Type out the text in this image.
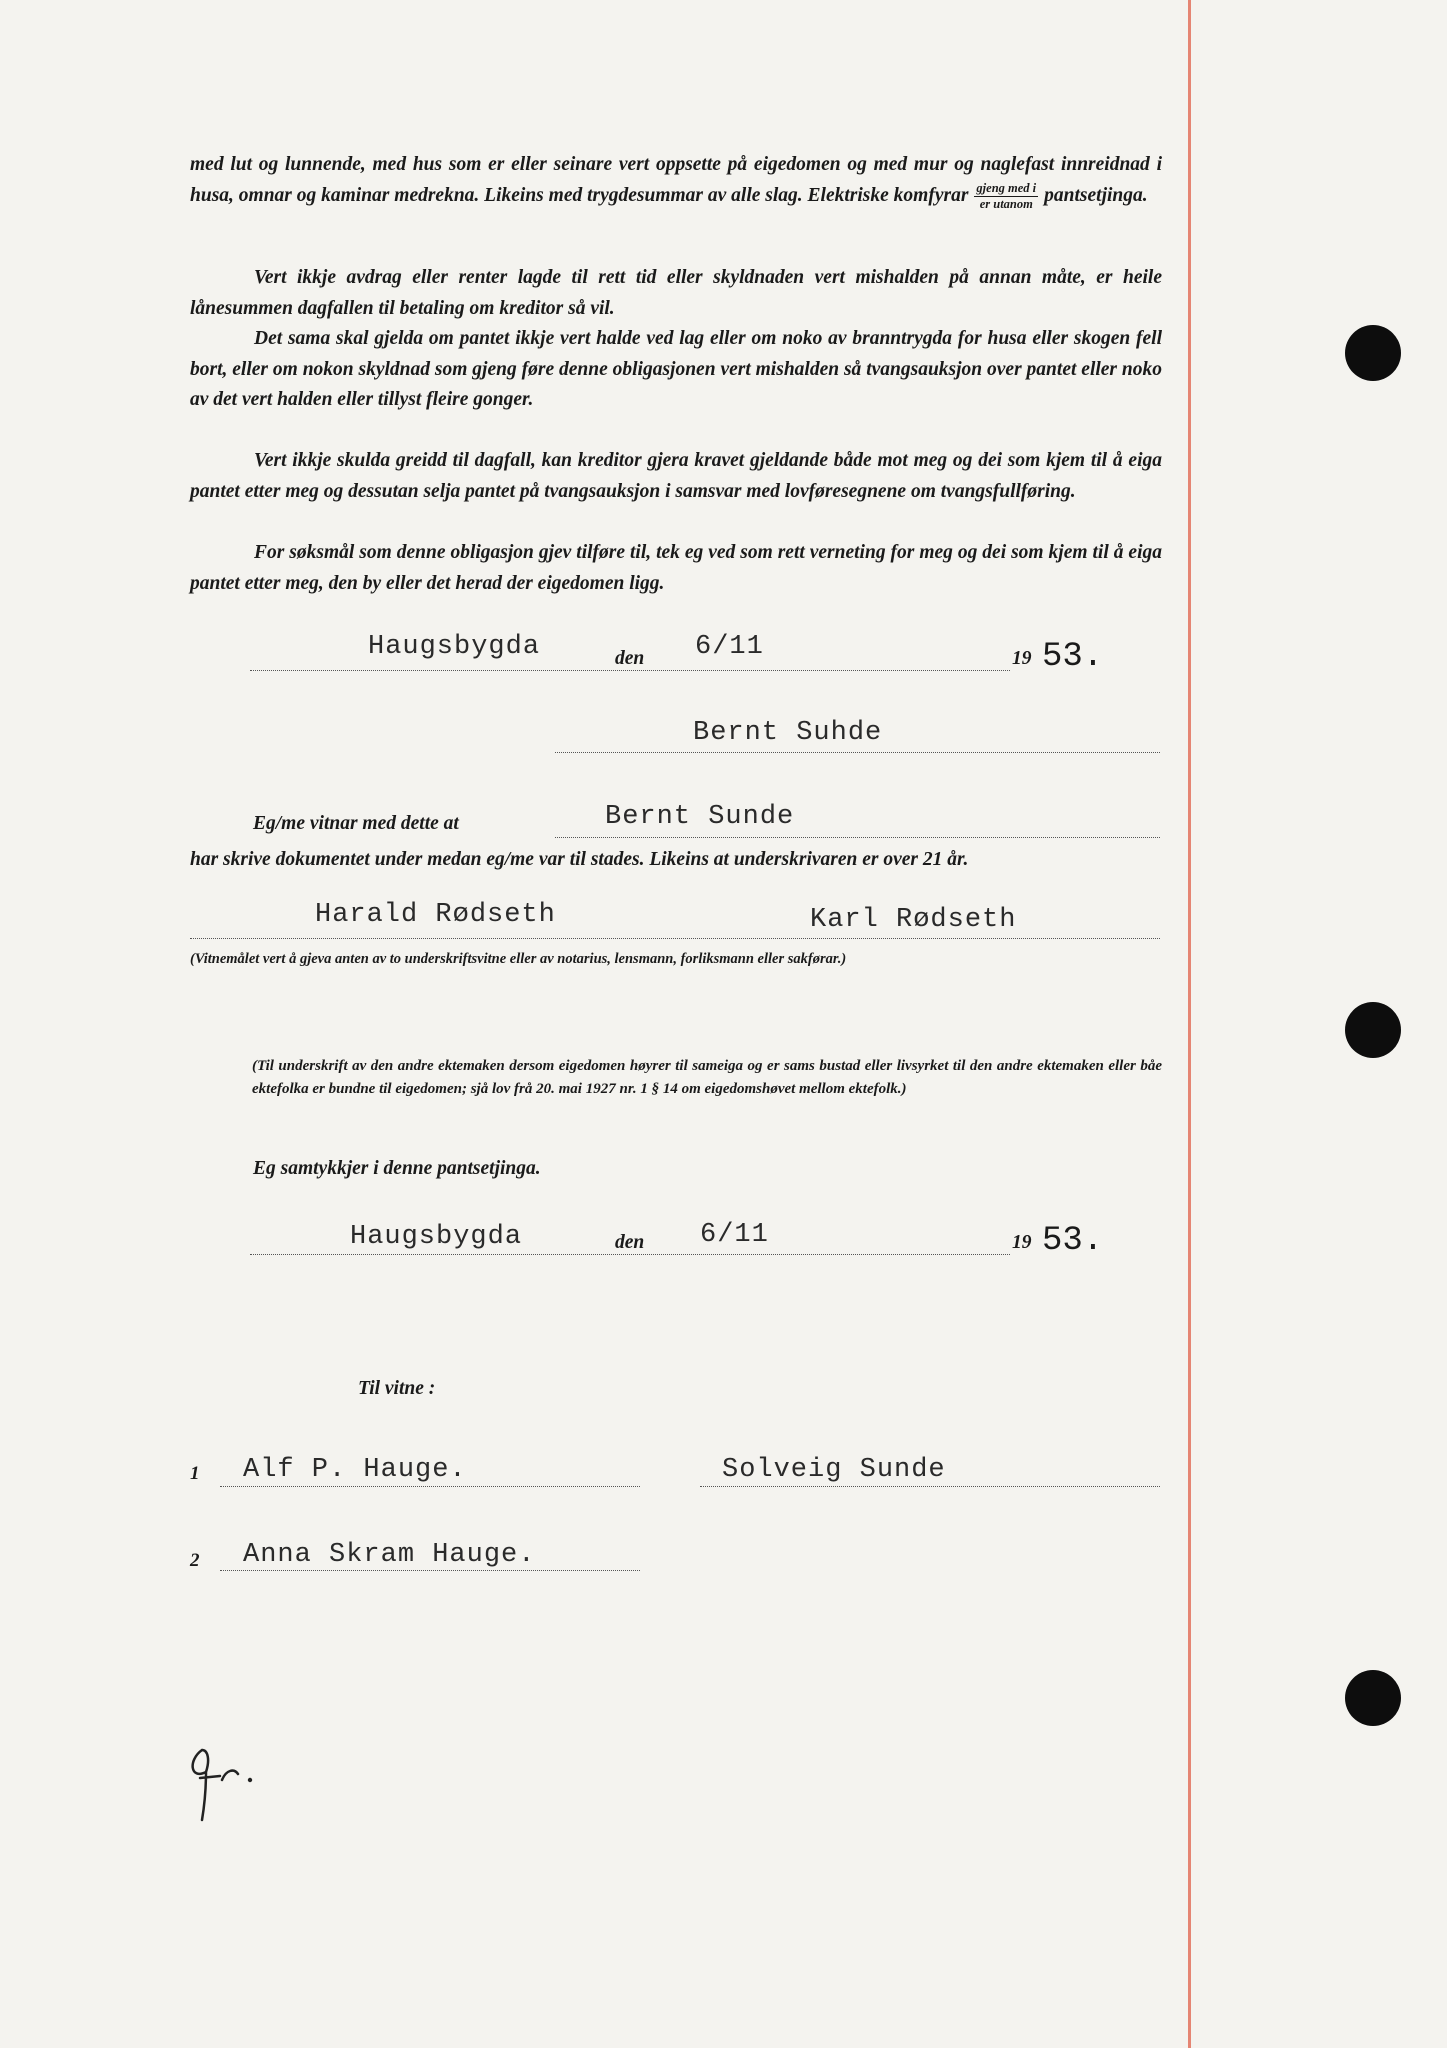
med lut og lunnende, med hus som er eller seinare vert oppsette på eigedomen og med mur og naglefast innreidnad i husa, omnar og kaminar medrekna. Likeins med trygdesummar av alle slag. Elektriske komfyrar $\frac{\text{gjeng med i}}{\text{er utanom}}$ pantsetjinga.

Vert ikkje avdrag eller renter lagde til rett tid eller skyldnaden vert mishalden på annan måte, er heile lånesummen dagfallen til betaling om kreditor så vil.

Det sama skal gjelda om pantet ikkje vert halde ved lag eller om noko av branntrygda for husa eller skogen fell bort, eller om nokon skyldnad som gjeng føre denne obligasjonen vert mishalden så tvangsauksjon over pantet eller noko av det vert halden eller tillyst fleire gonger.

Vert ikkje skulda greidd til dagfall, kan kreditor gjera kravet gjeldande både mot meg og dei som kjem til å eiga pantet etter meg og dessutan selja pantet på tvangsauksjon i samsvar med lovføresegnene om tvangsfullføring.

For søksmål som denne obligasjon gjev tilføre til, tek eg ved som rett verneting for meg og dei som kjem til å eiga pantet etter meg, den by eller det herad der eigedomen ligg.

Haugsbygda	den 6/11	19 53.
Bernt Suhde
Eg/me vitnar med dette at	Bernt Sunde

har skrive dokumentet under medan eg/me var til stades. Likeins at underskrivaren er over 21 år.

Harald Rødseth	Karl Rødseth

(Vitnemålet vert å gjeva anten av to underskriftsvitne eller av notarius, lensmann, forliksmann eller sakførar.)

(Til underskrift av den andre ektemaken dersom eigedomen høyrer til sameiga og er sams bustad eller livsyrket til den andre ektemaken eller båe ektefolka er bundne til eigedomen; sjå lov frå 20. mai 1927 nr. 1 § 14 om eigedomshøvet mellom ektefolk.)

Eg samtykkjer i denne pantsetjinga.
Haugsbygda	den 6/11	19 53.
Til vitne :
1 Alf P. Hauge.	Solveig Sunde
2 Anna Skram Hauge.
fr.
